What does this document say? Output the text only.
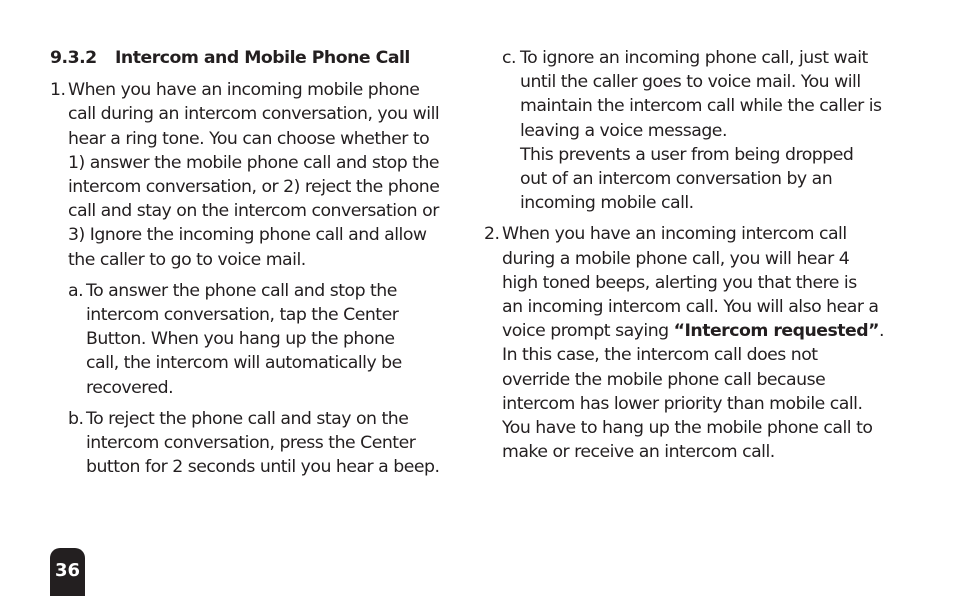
9.3.2 Intercom and Mobile Phone Call
1. When you have an incoming mobile phone
call during an intercom conversation, you will
hear a ring tone. You can choose whether to
1) answer the mobile phone call and stop the
intercom conversation, or 2) reject the phone
call and stay on the intercom conversation or
3) Ignore the incoming phone call and allow
the caller to go to voice mail.
a. To answer the phone call and stop the
intercom conversation, tap the Center
Button. When you hang up the phone
call, the intercom will automatically be
recovered.
b. To reject the phone call and stay on the
intercom conversation, press the Center
button for 2 seconds until you hear a beep.
c. To ignore an incoming phone call, just wait
until the caller goes to voice mail. You will
maintain the intercom call while the caller is
leaving a voice message.
This prevents a user from being dropped
out of an intercom conversation by an
incoming mobile call.
2. When you have an incoming intercom call
during a mobile phone call, you will hear 4
high toned beeps, alerting you that there is
an incoming intercom call. You will also hear a
voice prompt saying “Intercom requested”.
In this case, the intercom call does not
override the mobile phone call because
intercom has lower priority than mobile call.
You have to hang up the mobile phone call to
make or receive an intercom call.
36
